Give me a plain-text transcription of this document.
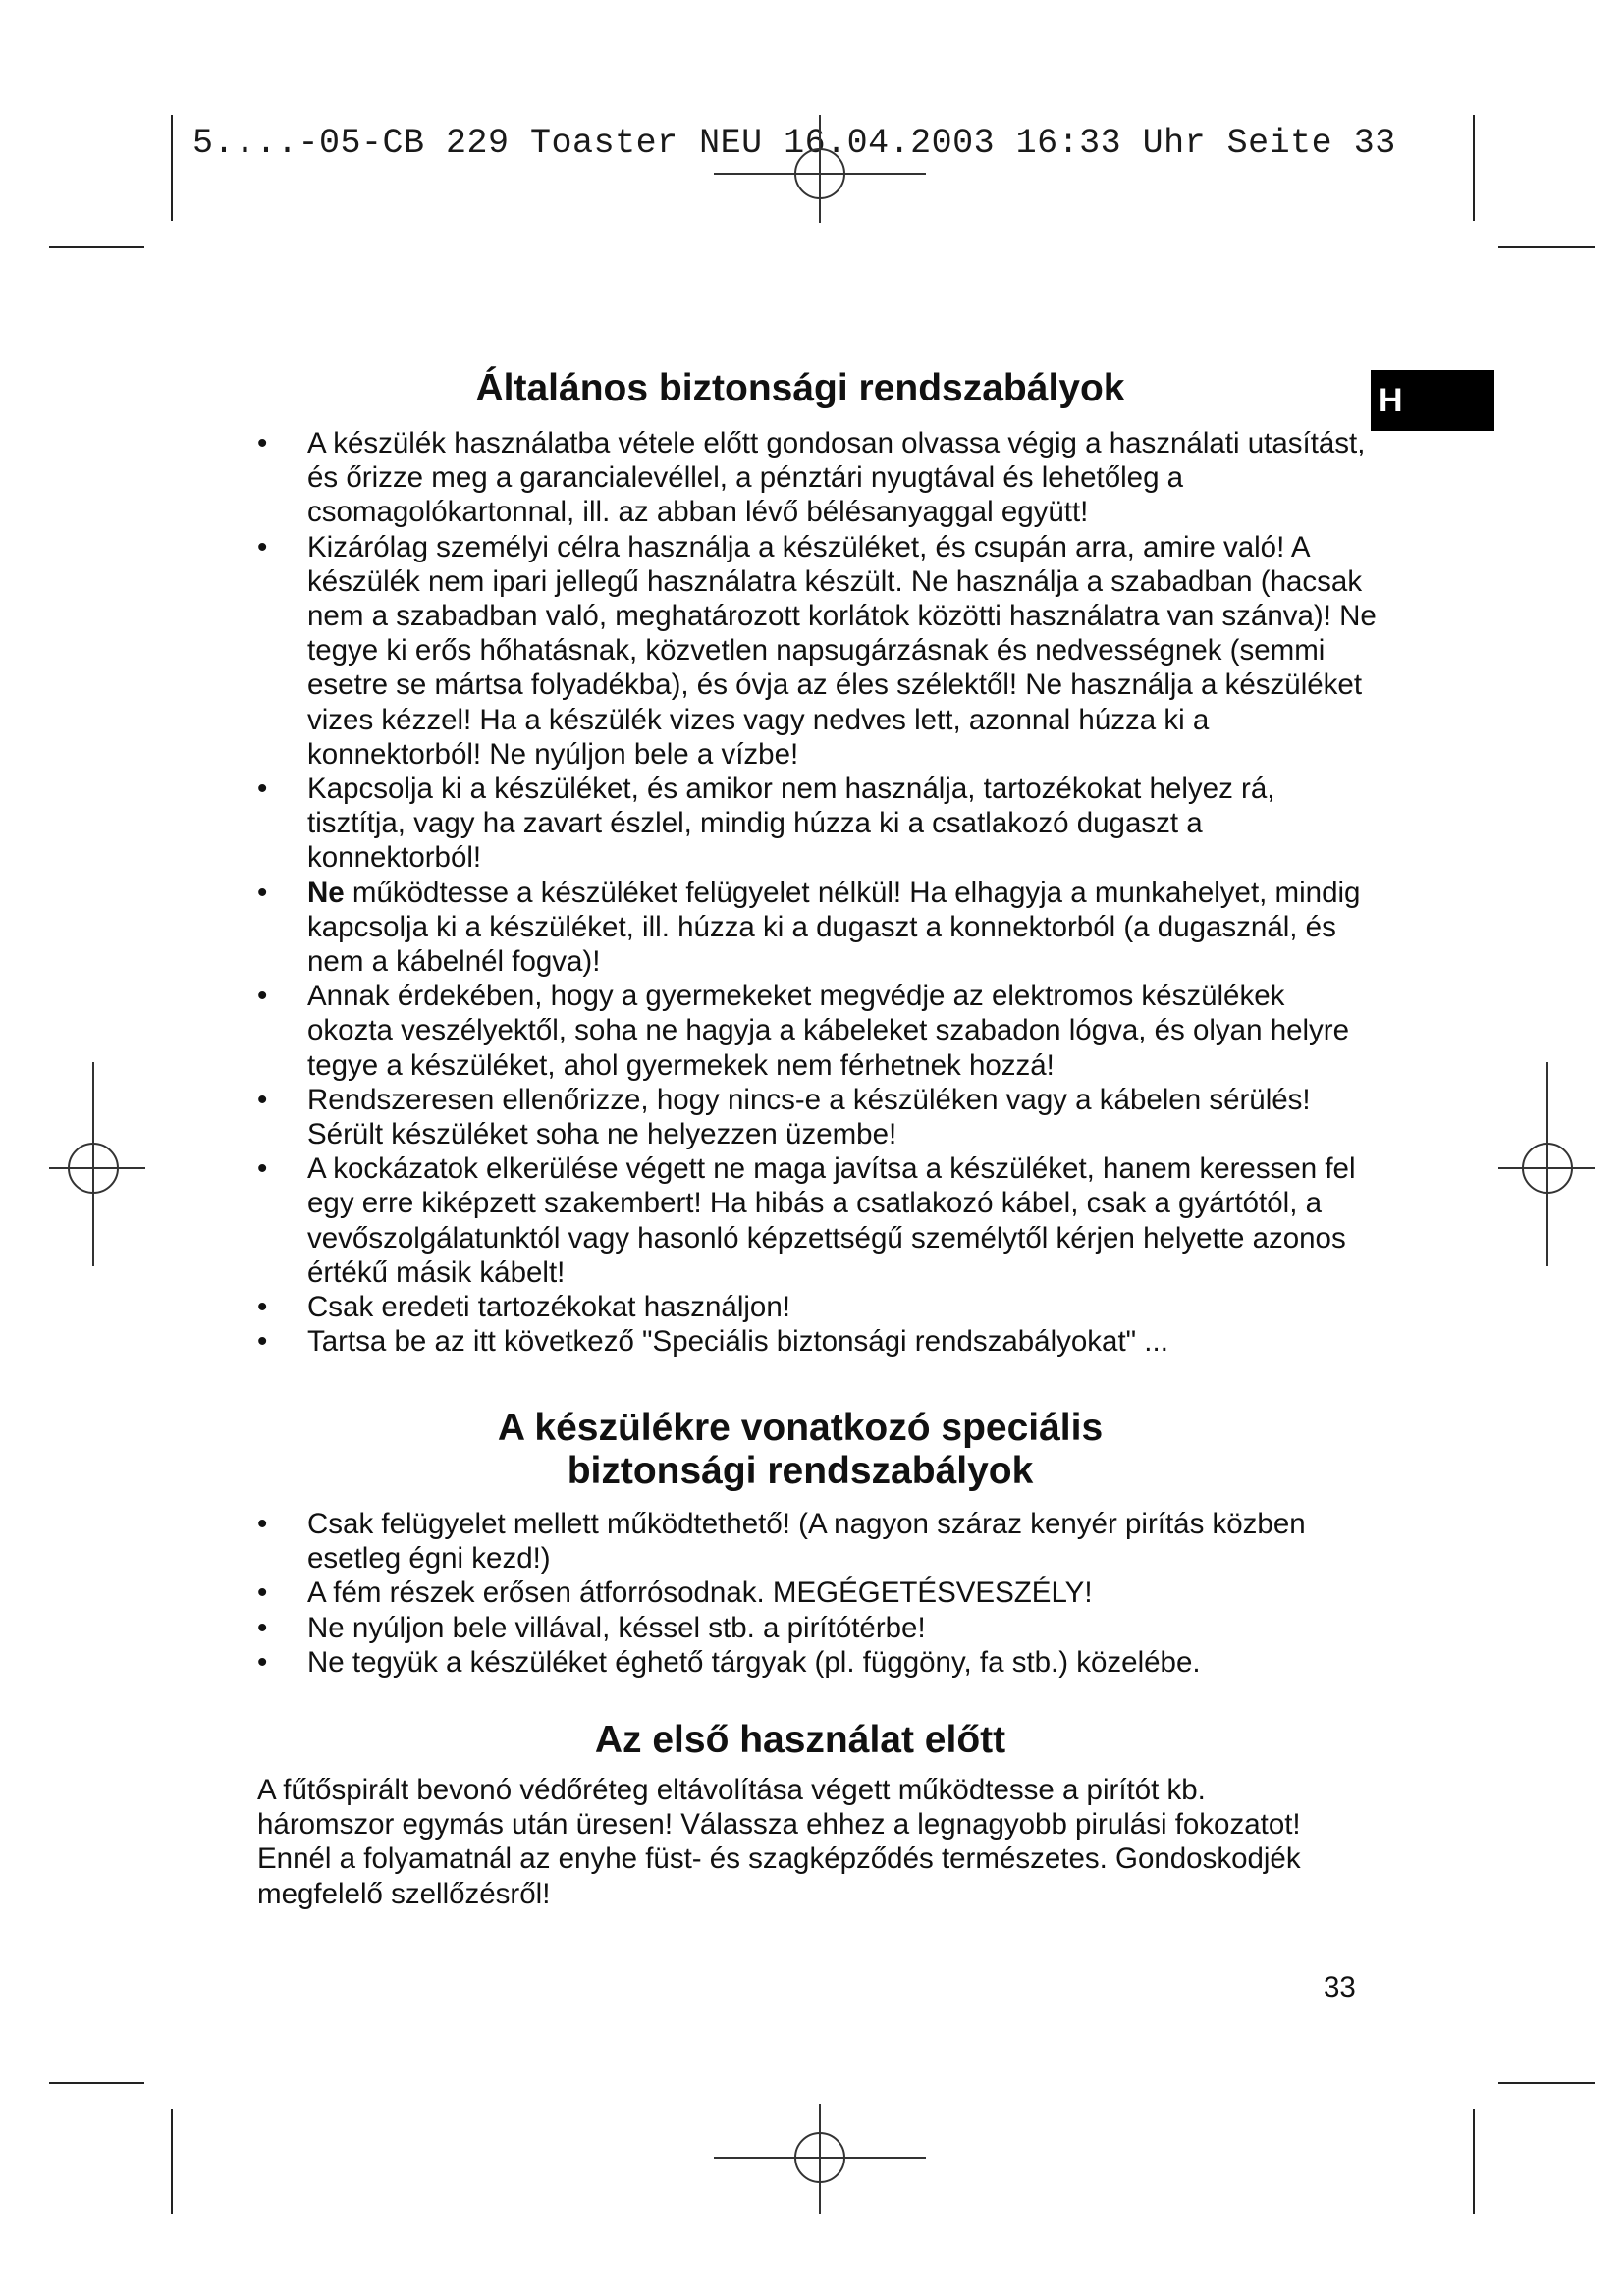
5....-05-CB 229 Toaster NEU 16.04.2003 16:33 Uhr Seite 33
H
Általános biztonsági rendszabályok
• A készülék használatba vétele előtt gondosan olvassa végig a használati utasítást, és őrizze meg a garancialevéllel, a pénztári nyugtával és lehetőleg a csomagolókartonnal, ill. az abban lévő bélésanyaggal együtt!
• Kizárólag személyi célra használja a készüléket, és csupán arra, amire való! A készülék nem ipari jellegű használatra készült. Ne használja a szabadban (hacsak nem a szabadban való, meghatározott korlátok közötti használatra van szánva)! Ne tegye ki erős hőhatásnak, közvetlen napsugárzásnak és nedvességnek (semmi esetre se mártsa folyadékba), és óvja az éles szélektől! Ne használja a készüléket vizes kézzel! Ha a készülék vizes vagy nedves lett, azonnal húzza ki a konnektorból! Ne nyúljon bele a vízbe!
• Kapcsolja ki a készüléket, és amikor nem használja, tartozékokat helyez rá, tisztítja, vagy ha zavart észlel, mindig húzza ki a csatlakozó dugaszt a konnektorból!
• Ne működtesse a készüléket felügyelet nélkül! Ha elhagyja a munkahelyet, mindig kapcsolja ki a készüléket, ill. húzza ki a dugaszt a konnektorból (a dugasznál, és nem a kábelnél fogva)!
• Annak érdekében, hogy a gyermekeket megvédje az elektromos készülékek okozta veszélyektől, soha ne hagyja a kábeleket szabadon lógva, és olyan helyre tegye a készüléket, ahol gyermekek nem férhetnek hozzá!
• Rendszeresen ellenőrizze, hogy nincs-e a készüléken vagy a kábelen sérülés! Sérült készüléket soha ne helyezzen üzembe!
• A kockázatok elkerülése végett ne maga javítsa a készüléket, hanem keressen fel egy erre kiképzett szakembert! Ha hibás a csatlakozó kábel, csak a gyártótól, a vevőszolgálatunktól vagy hasonló képzettségű személytől kérjen helyette azonos értékű másik kábelt!
• Csak eredeti tartozékokat használjon!
• Tartsa be az itt következő "Speciális biztonsági rendszabályokat" ...
A készülékre vonatkozó speciális
biztonsági rendszabályok
• Csak felügyelet mellett működtethető! (A nagyon száraz kenyér pirítás közben esetleg égni kezd!)
• A fém részek erősen átforrósodnak. MEGÉGETÉSVESZÉLY!
• Ne nyúljon bele villával, késsel stb. a pirítótérbe!
• Ne tegyük a készüléket éghető tárgyak (pl. függöny, fa stb.) közelébe.
Az első használat előtt

A fűtőspirált bevonó védőréteg eltávolítása végett működtesse a pirítót kb. háromszor egymás után üresen! Válassza ehhez a legnagyobb pirulási fokozatot! Ennél a folyamatnál az enyhe füst- és szagképződés természetes. Gondoskodjék megfelelő szellőzésről!

33
